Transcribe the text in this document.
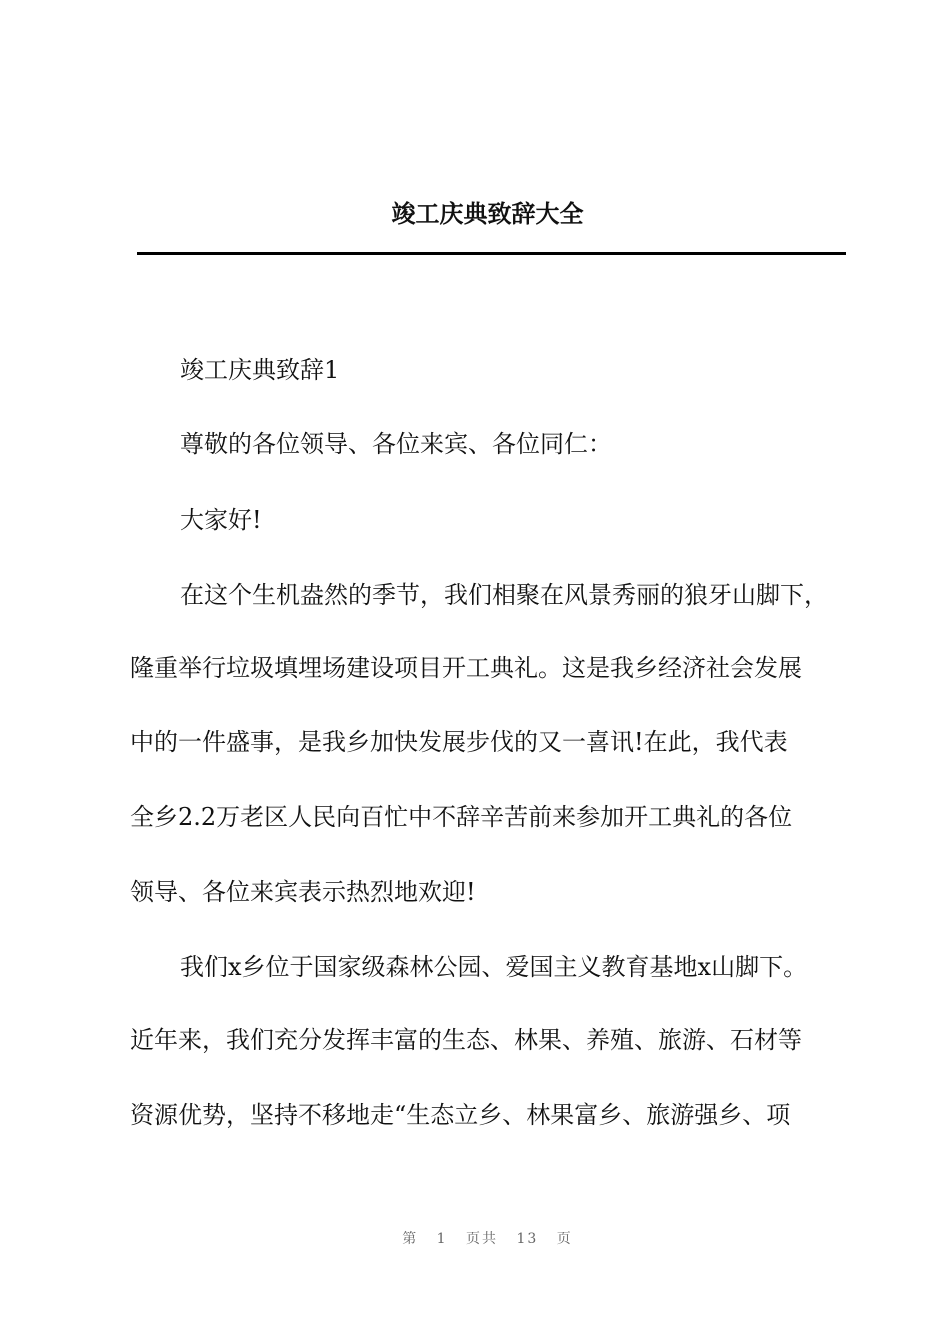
竣工庆典致辞大全

竣工庆典致辞1

尊敬的各位领导、各位来宾、各位同仁：

大家好!

在这个生机盎然的季节，我们相聚在风景秀丽的狼牙山脚下，

隆重举行垃圾填埋场建设项目开工典礼。这是我乡经济社会发展

中的一件盛事，是我乡加快发展步伐的又一喜讯!在此，我代表

全乡2.2万老区人民向百忙中不辞辛苦前来参加开工典礼的各位

领导、各位来宾表示热烈地欢迎!

我们x乡位于国家级森林公园、爱国主义教育基地x山脚下。

近年来，我们充分发挥丰富的生态、林果、养殖、旅游、石材等

资源优势，坚持不移地走“生态立乡、林果富乡、旅游强乡、项

第 1 页共 13 页
